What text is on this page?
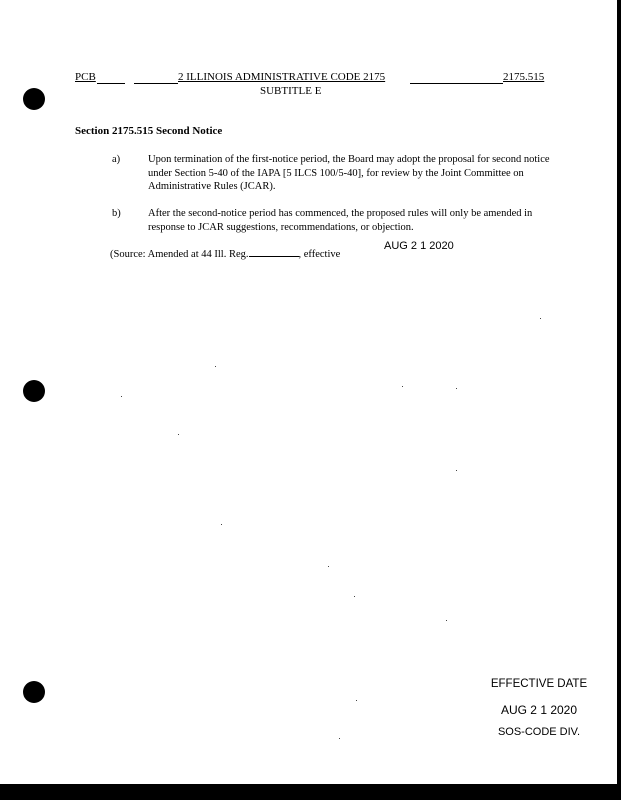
PCB	2 ILLINOIS ADMINISTRATIVE CODE 2175	2175.515
SUBTITLE E
Section 2175.515 Second Notice
a)	Upon termination of the first-notice period, the Board may adopt the proposal for second notice under Section 5-40 of the IAPA [5 ILCS 100/5-40], for review by the Joint Committee on Administrative Rules (JCAR).
b)	After the second-notice period has commenced, the proposed rules will only be amended in response to JCAR suggestions, recommendations, or objection.
(Source: Amended at 44 Ill. Reg.	, effective
AUG 2 1 2020
EFFECTIVE DATE
AUG 2 1 2020
SOS-CODE DIV.
